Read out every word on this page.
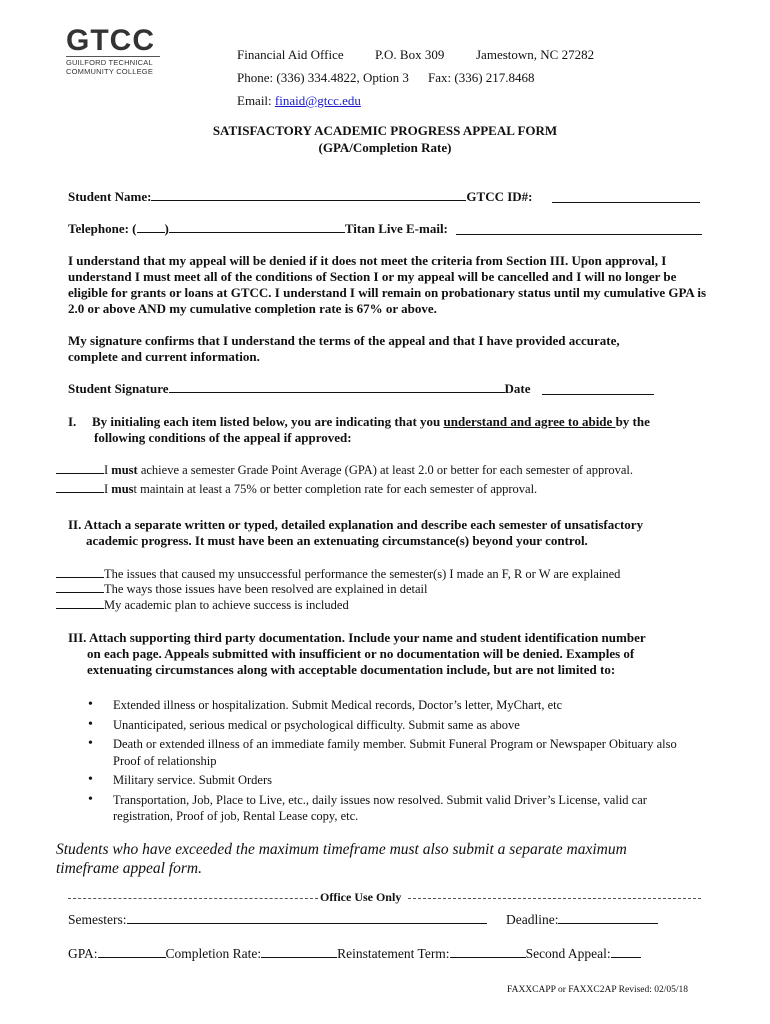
GTCC
GUILFORD TECHNICAL
COMMUNITY COLLEGE
Financial Aid Office P.O. Box 309 Jamestown, NC 27282
Phone: (336) 334.4822, Option 3 Fax: (336) 217.8468
Email: finaid@gtcc.edu
SATISFACTORY ACADEMIC PROGRESS APPEAL FORM
(GPA/Completion Rate)
Student Name:	GTCC ID#:
Telephone: ( )	Titan Live E-mail:
I understand that my appeal will be denied if it does not meet the criteria from Section III. Upon approval, I understand I must meet all of the conditions of Section I or my appeal will be cancelled and I will no longer be eligible for grants or loans at GTCC. I understand I will remain on probationary status until my cumulative GPA is 2.0 or above AND my cumulative completion rate is 67% or above.
My signature confirms that I understand the terms of the appeal and that I have provided accurate, complete and current information.
Student Signature	Date
I. By initialing each item listed below, you are indicating that you understand and agree to abide by the
following conditions of the appeal if approved:
I must achieve a semester Grade Point Average (GPA) at least 2.0 or better for each semester of approval.
I must maintain at least a 75% or better completion rate for each semester of approval.
II. Attach a separate written or typed, detailed explanation and describe each semester of unsatisfactory
academic progress. It must have been an extenuating circumstance(s) beyond your control.
The issues that caused my unsuccessful performance the semester(s) I made an F, R or W are explained
The ways those issues have been resolved are explained in detail
My academic plan to achieve success is included
III. Attach supporting third party documentation. Include your name and student identification number
on each page. Appeals submitted with insufficient or no documentation will be denied. Examples of
extenuating circumstances along with acceptable documentation include, but are not limited to:
• Extended illness or hospitalization. Submit Medical records, Doctor’s letter, MyChart, etc
• Unanticipated, serious medical or psychological difficulty. Submit same as above
• Death or extended illness of an immediate family member. Submit Funeral Program or Newspaper Obituary also Proof of relationship
• Military service. Submit Orders
• Transportation, Job, Place to Live, etc., daily issues now resolved. Submit valid Driver’s License, valid car registration, Proof of job, Rental Lease copy, etc.
Students who have exceeded the maximum timeframe must also submit a separate maximum timeframe appeal form.
Office Use Only
Semesters:	Deadline:
GPA:	Completion Rate:	Reinstatement Term:	Second Appeal:
FAXXCAPP or FAXXC2AP Revised: 02/05/18
